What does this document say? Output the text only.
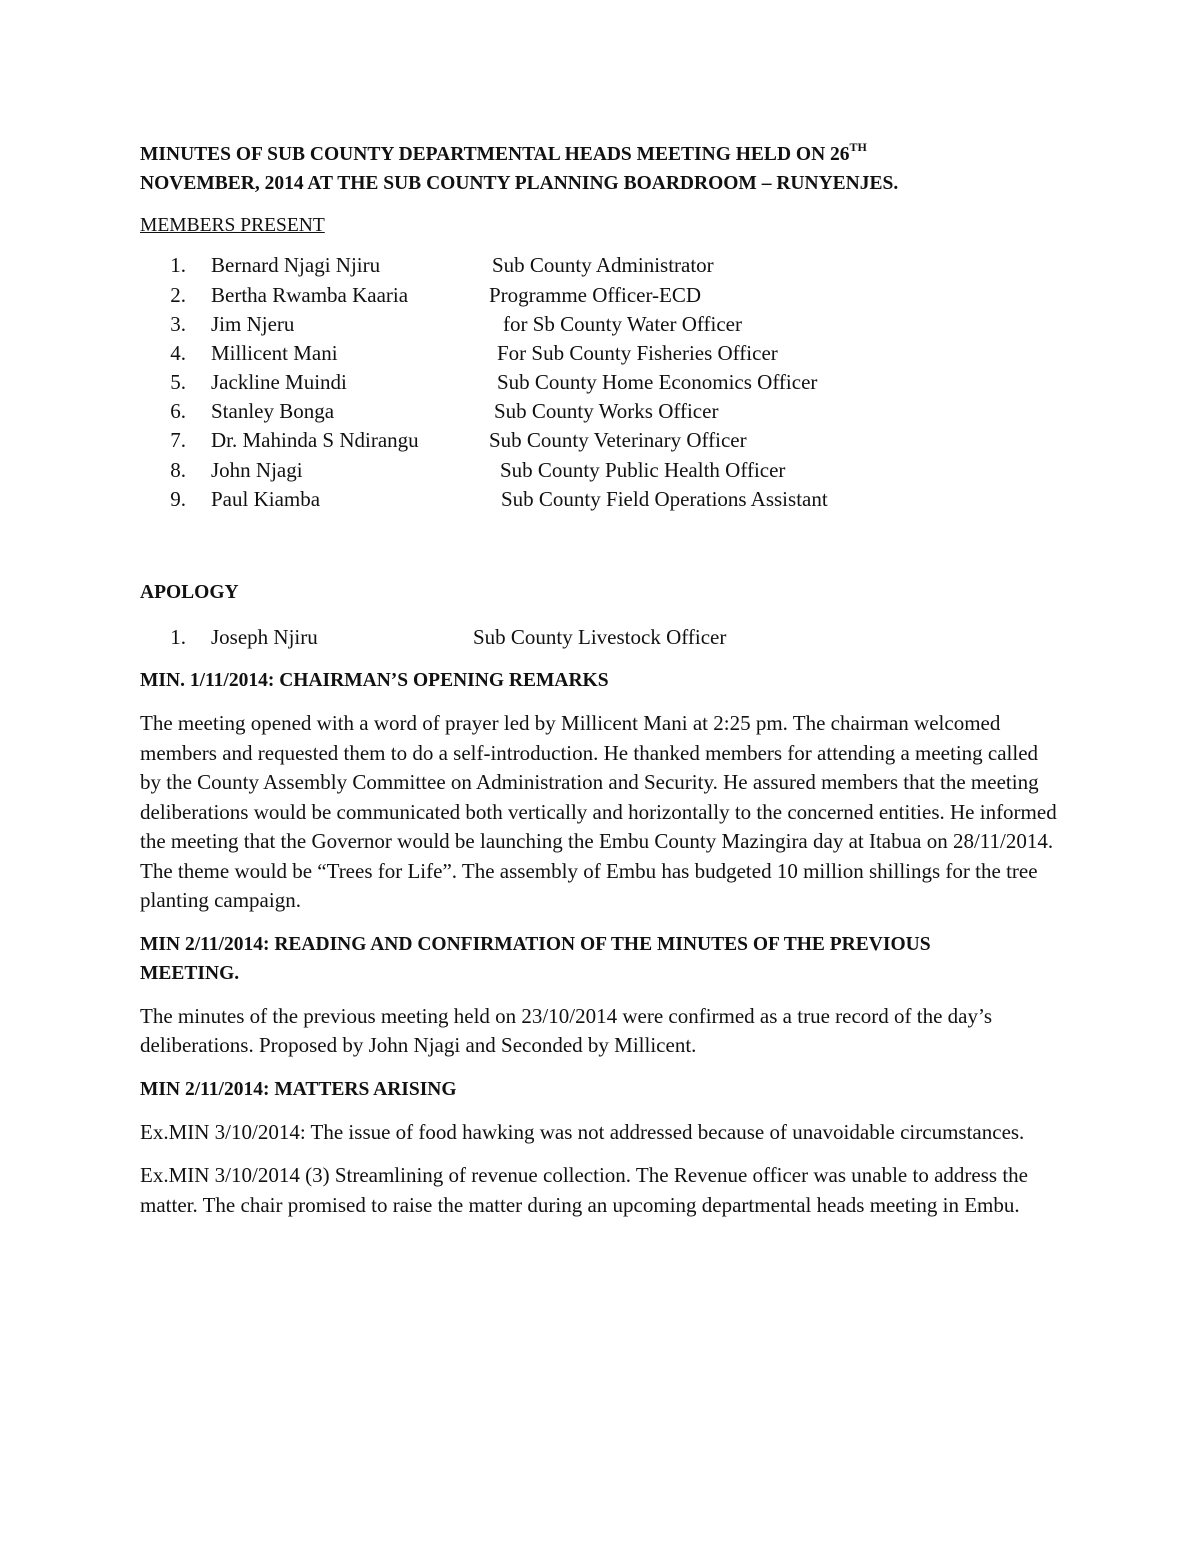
MINUTES OF SUB COUNTY DEPARTMENTAL HEADS MEETING HELD ON 26TH
NOVEMBER, 2014 AT THE SUB COUNTY PLANNING BOARDROOM – RUNYENJES.
MEMBERS PRESENT
1.	Bernard Njagi Njiru	Sub County Administrator
2.	Bertha Rwamba Kaaria	Programme Officer-ECD
3.	Jim Njeru	for Sb County Water Officer
4.	Millicent Mani	For Sub County Fisheries Officer
5.	Jackline Muindi	Sub County Home Economics Officer
6.	Stanley Bonga	Sub County Works Officer
7.	Dr. Mahinda S Ndirangu	Sub County Veterinary Officer
8.	John Njagi	Sub County Public Health Officer
9.	Paul Kiamba	Sub County Field Operations Assistant
APOLOGY
1.	Joseph Njiru	Sub County Livestock Officer
MIN. 1/11/2014: CHAIRMAN’S OPENING REMARKS

The meeting opened with a word of prayer led by Millicent Mani at 2:25 pm. The chairman welcomed members and requested them to do a self-introduction. He thanked members for attending a meeting called by the County Assembly Committee on Administration and Security. He assured members that the meeting deliberations would be communicated both vertically and horizontally to the concerned entities. He informed the meeting that the Governor would be launching the Embu County Mazingira day at Itabua on 28/11/2014. The theme would be “Trees for Life”. The assembly of Embu has budgeted 10 million shillings for the tree planting campaign.

MIN 2/11/2014: READING AND CONFIRMATION OF THE MINUTES OF THE PREVIOUS MEETING.

The minutes of the previous meeting held on 23/10/2014 were confirmed as a true record of the day’s deliberations. Proposed by John Njagi and Seconded by Millicent.

MIN 2/11/2014: MATTERS ARISING

Ex.MIN 3/10/2014: The issue of food hawking was not addressed because of unavoidable circumstances.

Ex.MIN 3/10/2014 (3) Streamlining of revenue collection. The Revenue officer was unable to address the matter. The chair promised to raise the matter during an upcoming departmental heads meeting in Embu.
